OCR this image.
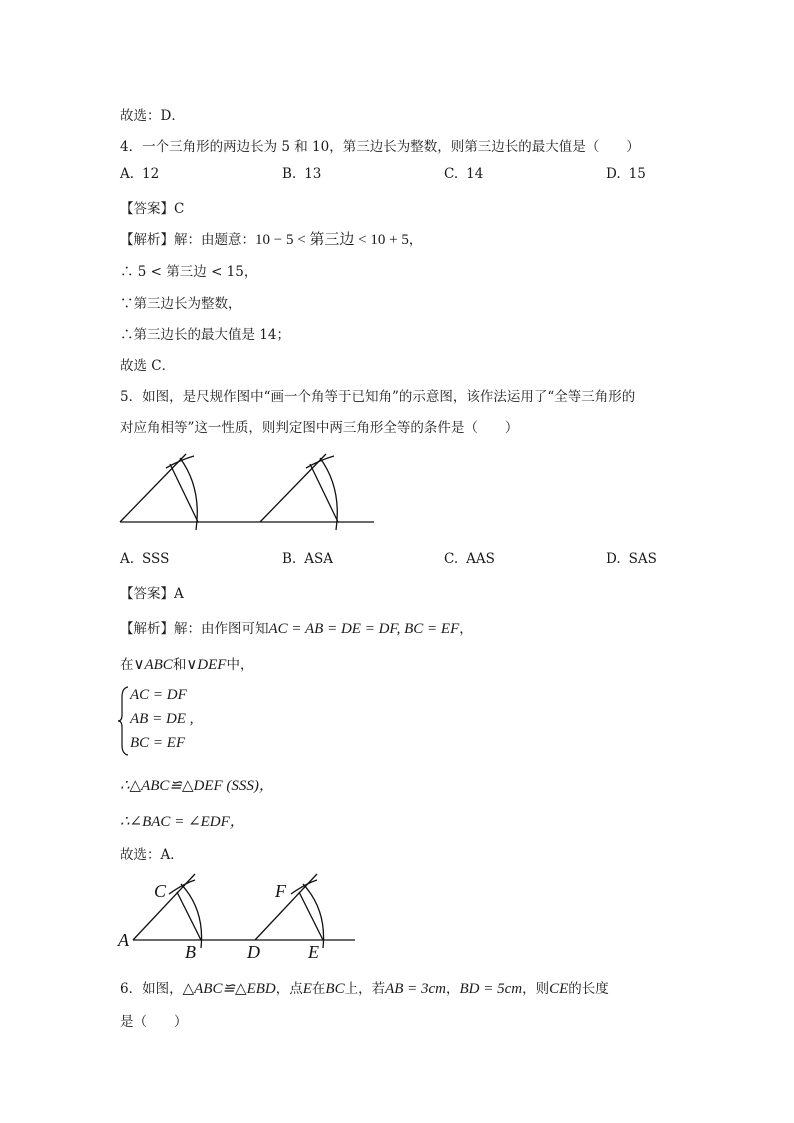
故选：D．
4．一个三角形的两边长为 5 和 10，第三边长为整数，则第三边长的最大值是（　　）
A. 12	B. 13	C. 14	D. 15
【答案】C
【解析】解：由题意：10 − 5 < 第三边 < 10 + 5，
∴ 5 < 第三边 < 15，
∵第三边长为整数，
∴第三边长的最大值是 14；
故选 C．
5．如图，是尺规作图中“画一个角等于已知角”的示意图，该作法运用了“全等三角形的
对应角相等”这一性质，则判定图中两三角形全等的条件是（　　）
A. SSS	B. ASA	C. AAS	D. SAS
【答案】A
【解析】解：由作图可知AC = AB = DE = DF, BC = EF，
在∨ABC和∨DEF中，
AC = DF
AB = DE ,
BC = EF
∴△ABC≌△DEF (SSS)，
∴∠BAC = ∠EDF，
故选：A．
A
B
C
D	E
F
6．如图，△ABC≌△EBD，点E在BC上，若AB = 3cm，BD = 5cm，则CE的长度
是（　　）
